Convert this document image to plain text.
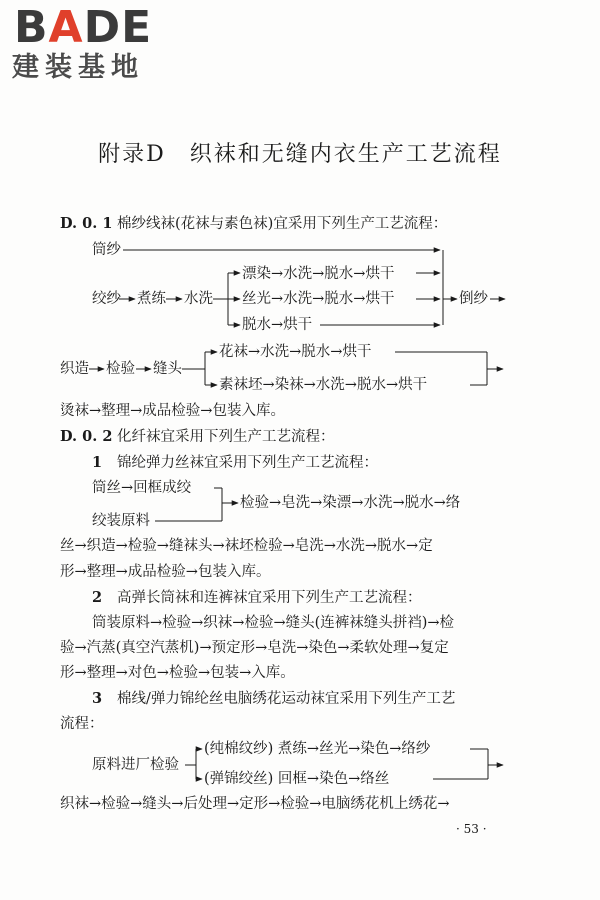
BADE
建装基地
附录D　织袜和无缝内衣生产工艺流程
D. 0. 1 棉纱线袜(花袜与素色袜)宜采用下列生产工艺流程：
筒纱
绞纱 煮练 水洗
漂染→水洗→脱水→烘干
丝光→水洗→脱水→烘干
脱水→烘干
倒纱
织造 检验 缝头
花袜→水洗→脱水→烘干
素袜坯→染袜→水洗→脱水→烘干
烫袜→整理→成品检验→包装入库。
D. 0. 2 化纤袜宜采用下列生产工艺流程：
1 锦纶弹力丝袜宜采用下列生产工艺流程：
筒丝→回框成绞
绞装原料
检验→皂洗→染漂→水洗→脱水→络
丝→织造→检验→缝袜头→袜坯检验→皂洗→水洗→脱水→定
形→整理→成品检验→包装入库。
2 高弹长筒袜和连裤袜宜采用下列生产工艺流程：
筒装原料→检验→织袜→检验→缝头(连裤袜缝头拼裆)→检
验→汽蒸(真空汽蒸机)→预定形→皂洗→染色→柔软处理→复定
形→整理→对色→检验→包装→入库。
3 棉线/弹力锦纶丝电脑绣花运动袜宜采用下列生产工艺
流程：
原料进厂检验
(纯棉纹纱) 煮练→丝光→染色→络纱
(弹锦绞丝) 回框→染色→络丝
织袜→检验→缝头→后处理→定形→检验→电脑绣花机上绣花→
· 53 ·
